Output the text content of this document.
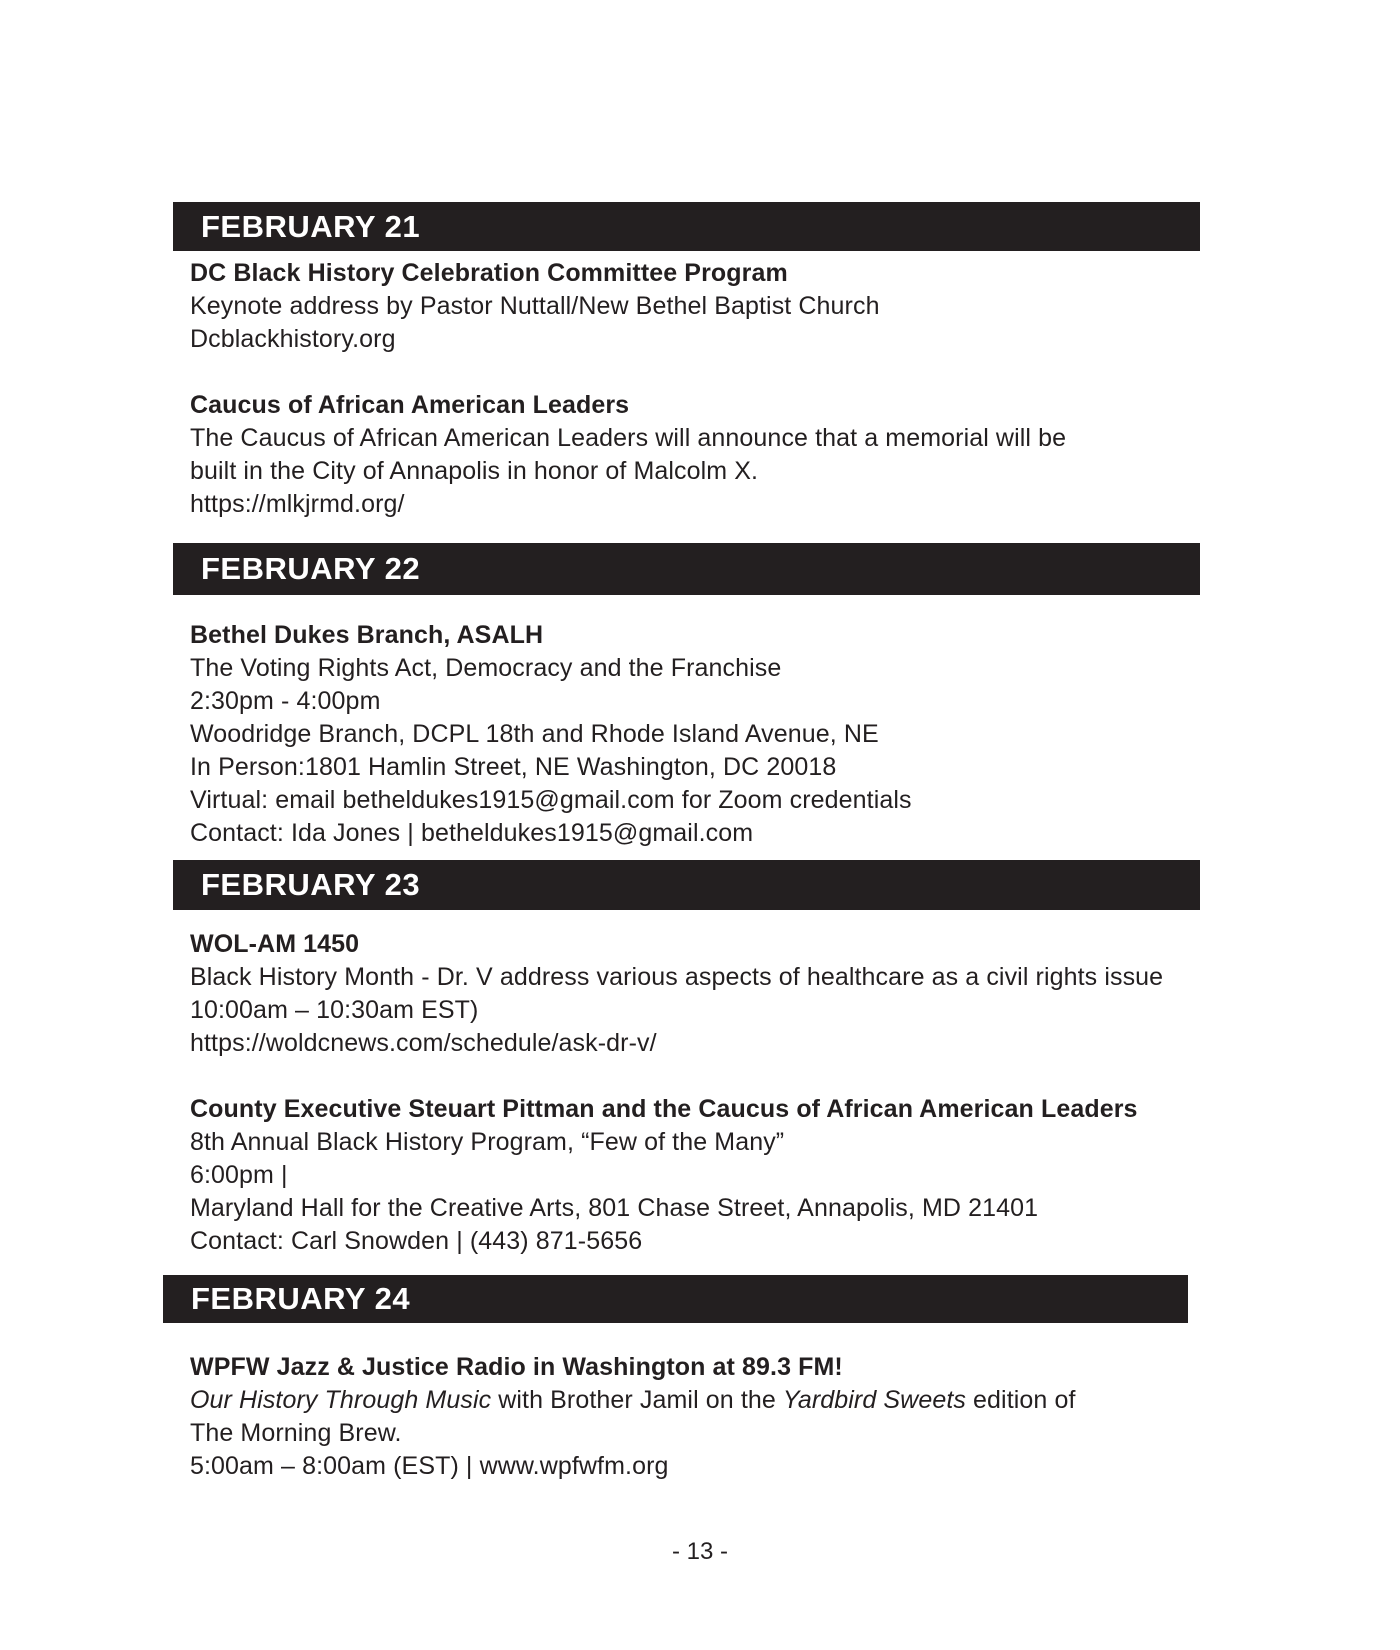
FEBRUARY 21
DC Black History Celebration Committee Program
Keynote address by Pastor Nuttall/New Bethel Baptist Church
Dcblackhistory.org
Caucus of African American Leaders
The Caucus of African American Leaders will announce that a memorial will be
built in the City of Annapolis in honor of Malcolm X.
https://mlkjrmd.org/
FEBRUARY 22
Bethel Dukes Branch, ASALH
The Voting Rights Act, Democracy and the Franchise
2:30pm - 4:00pm
Woodridge Branch, DCPL 18th and Rhode Island Avenue, NE
In Person:1801 Hamlin Street, NE Washington, DC 20018
Virtual: email betheldukes1915@gmail.com for Zoom credentials
Contact: Ida Jones | betheldukes1915@gmail.com
FEBRUARY 23
WOL-AM 1450
Black History Month - Dr. V address various aspects of healthcare as a civil rights issue
10:00am – 10:30am EST)
https://woldcnews.com/schedule/ask-dr-v/
County Executive Steuart Pittman and the Caucus of African American Leaders
8th Annual Black History Program, “Few of the Many”
6:00pm |
Maryland Hall for the Creative Arts, 801 Chase Street, Annapolis, MD 21401
Contact: Carl Snowden | (443) 871-5656
FEBRUARY 24
WPFW Jazz & Justice Radio in Washington at 89.3 FM!
Our History Through Music with Brother Jamil on the Yardbird Sweets edition of
The Morning Brew.
5:00am – 8:00am (EST) | www.wpfwfm.org
- 13 -
